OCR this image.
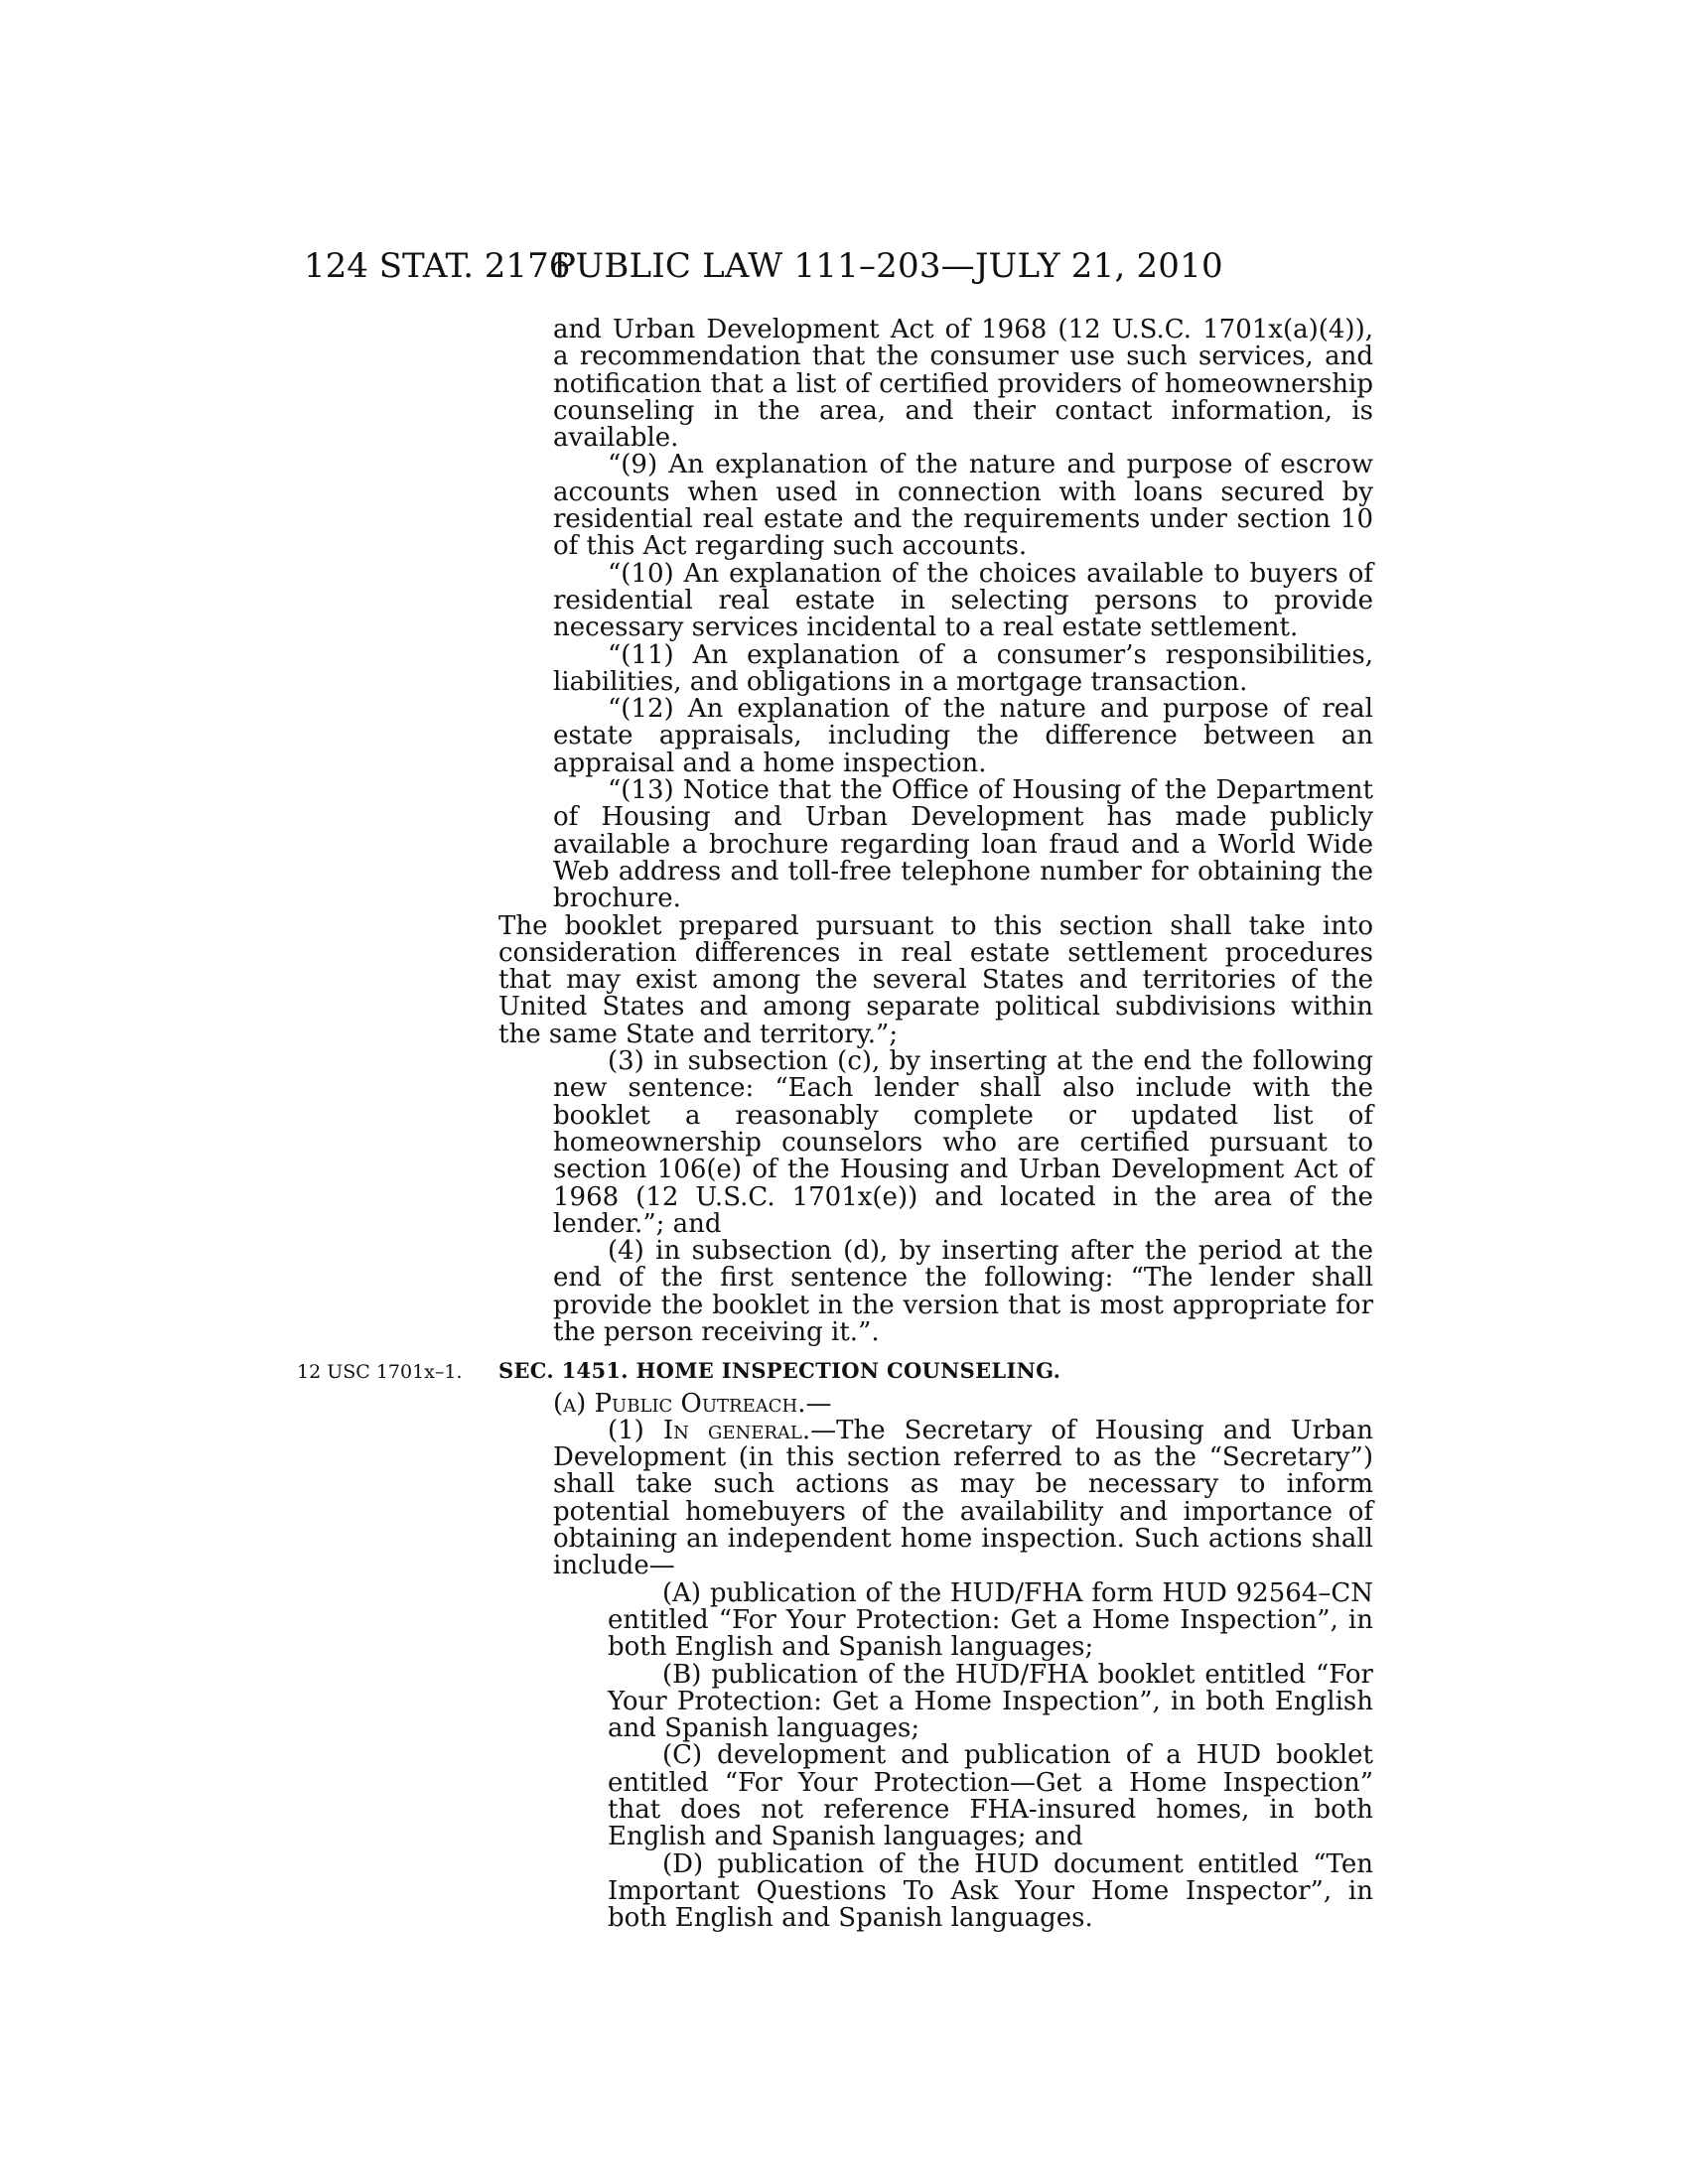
124 STAT. 2176
PUBLIC LAW 111–203—JULY 21, 2010

and Urban Development Act of 1968 (12 U.S.C. 1701x(a)(4)), a recommendation that the consumer use such services, and notification that a list of certified providers of homeownership counseling in the area, and their contact information, is available.

“(9) An explanation of the nature and purpose of escrow accounts when used in connection with loans secured by residential real estate and the requirements under section 10 of this Act regarding such accounts.

“(10) An explanation of the choices available to buyers of residential real estate in selecting persons to provide necessary services incidental to a real estate settlement.

“(11) An explanation of a consumer’s responsibilities, liabilities, and obligations in a mortgage transaction.

“(12) An explanation of the nature and purpose of real estate appraisals, including the difference between an appraisal and a home inspection.

“(13) Notice that the Office of Housing of the Department of Housing and Urban Development has made publicly available a brochure regarding loan fraud and a World Wide Web address and toll-free telephone number for obtaining the brochure.

The booklet prepared pursuant to this section shall take into consideration differences in real estate settlement procedures that may exist among the several States and territories of the United States and among separate political subdivisions within the same State and territory.”;

(3) in subsection (c), by inserting at the end the following new sentence: “Each lender shall also include with the booklet a reasonably complete or updated list of homeownership counselors who are certified pursuant to section 106(e) of the Housing and Urban Development Act of 1968 (12 U.S.C. 1701x(e)) and located in the area of the lender.”; and

(4) in subsection (d), by inserting after the period at the end of the first sentence the following: “The lender shall provide the booklet in the version that is most appropriate for the person receiving it.”.

12 USC 1701x–1. SEC. 1451. HOME INSPECTION COUNSELING.

(a) Public Outreach.—

(1) In general.—The Secretary of Housing and Urban Development (in this section referred to as the “Secretary”) shall take such actions as may be necessary to inform potential homebuyers of the availability and importance of obtaining an independent home inspection. Such actions shall include—

(A) publication of the HUD/FHA form HUD 92564–CN entitled “For Your Protection: Get a Home Inspection”, in both English and Spanish languages;

(B) publication of the HUD/FHA booklet entitled “For Your Protection: Get a Home Inspection”, in both English and Spanish languages;

(C) development and publication of a HUD booklet entitled “For Your Protection—Get a Home Inspection” that does not reference FHA-insured homes, in both English and Spanish languages; and

(D) publication of the HUD document entitled “Ten Important Questions To Ask Your Home Inspector”, in both English and Spanish languages.
